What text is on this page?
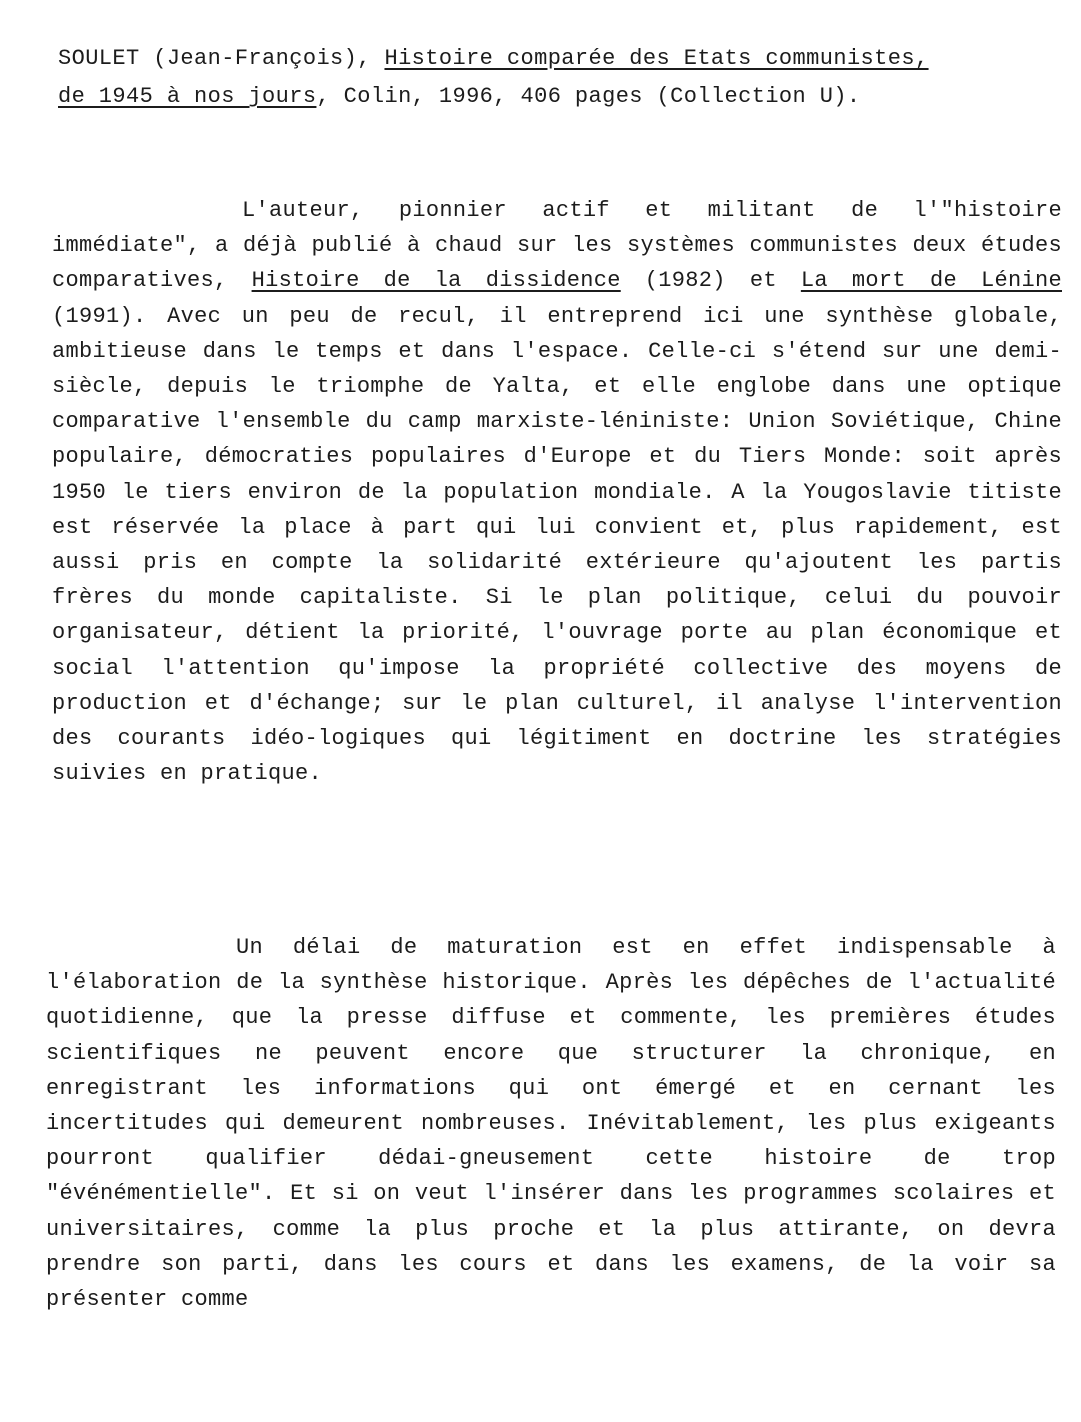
SOULET (Jean-François), Histoire comparée des Etats communistes,
de 1945 à nos jours, Colin, 1996, 406 pages (Collection U).
L'auteur, pionnier actif et militant de l'"histoire immédiate", a déjà publié à chaud sur les systèmes communistes deux études comparatives, Histoire de la dissidence (1982) et La mort de Lénine (1991). Avec un peu de recul, il entreprend ici une synthèse globale, ambitieuse dans le temps et dans l'espace. Celle-ci s'étend sur une demi-siècle, depuis le triomphe de Yalta, et elle englobe dans une optique comparative l'ensemble du camp marxiste-léniniste: Union Soviétique, Chine populaire, démocraties populaires d'Europe et du Tiers Monde: soit après 1950 le tiers environ de la population mondiale. A la Yougoslavie titiste est réservée la place à part qui lui convient et, plus rapidement, est aussi pris en compte la solidarité extérieure qu'ajoutent les partis frères du monde capitaliste. Si le plan politique, celui du pouvoir organisateur, détient la priorité, l'ouvrage porte au plan économique et social l'attention qu'impose la propriété collective des moyens de production et d'échange; sur le plan culturel, il analyse l'intervention des courants idéo-logiques qui légitiment en doctrine les stratégies suivies en pratique.
Un délai de maturation est en effet indispensable à l'élaboration de la synthèse historique. Après les dépêches de l'actualité quotidienne, que la presse diffuse et commente, les premières études scientifiques ne peuvent encore que structurer la chronique, en enregistrant les informations qui ont émergé et en cernant les incertitudes qui demeurent nombreuses. Inévitablement, les plus exigeants pourront qualifier dédai-gneusement cette histoire de trop "événémentielle". Et si on veut l'insérer dans les programmes scolaires et universitaires, comme la plus proche et la plus attirante, on devra prendre son parti, dans les cours et dans les examens, de la voir sa présenter comme
